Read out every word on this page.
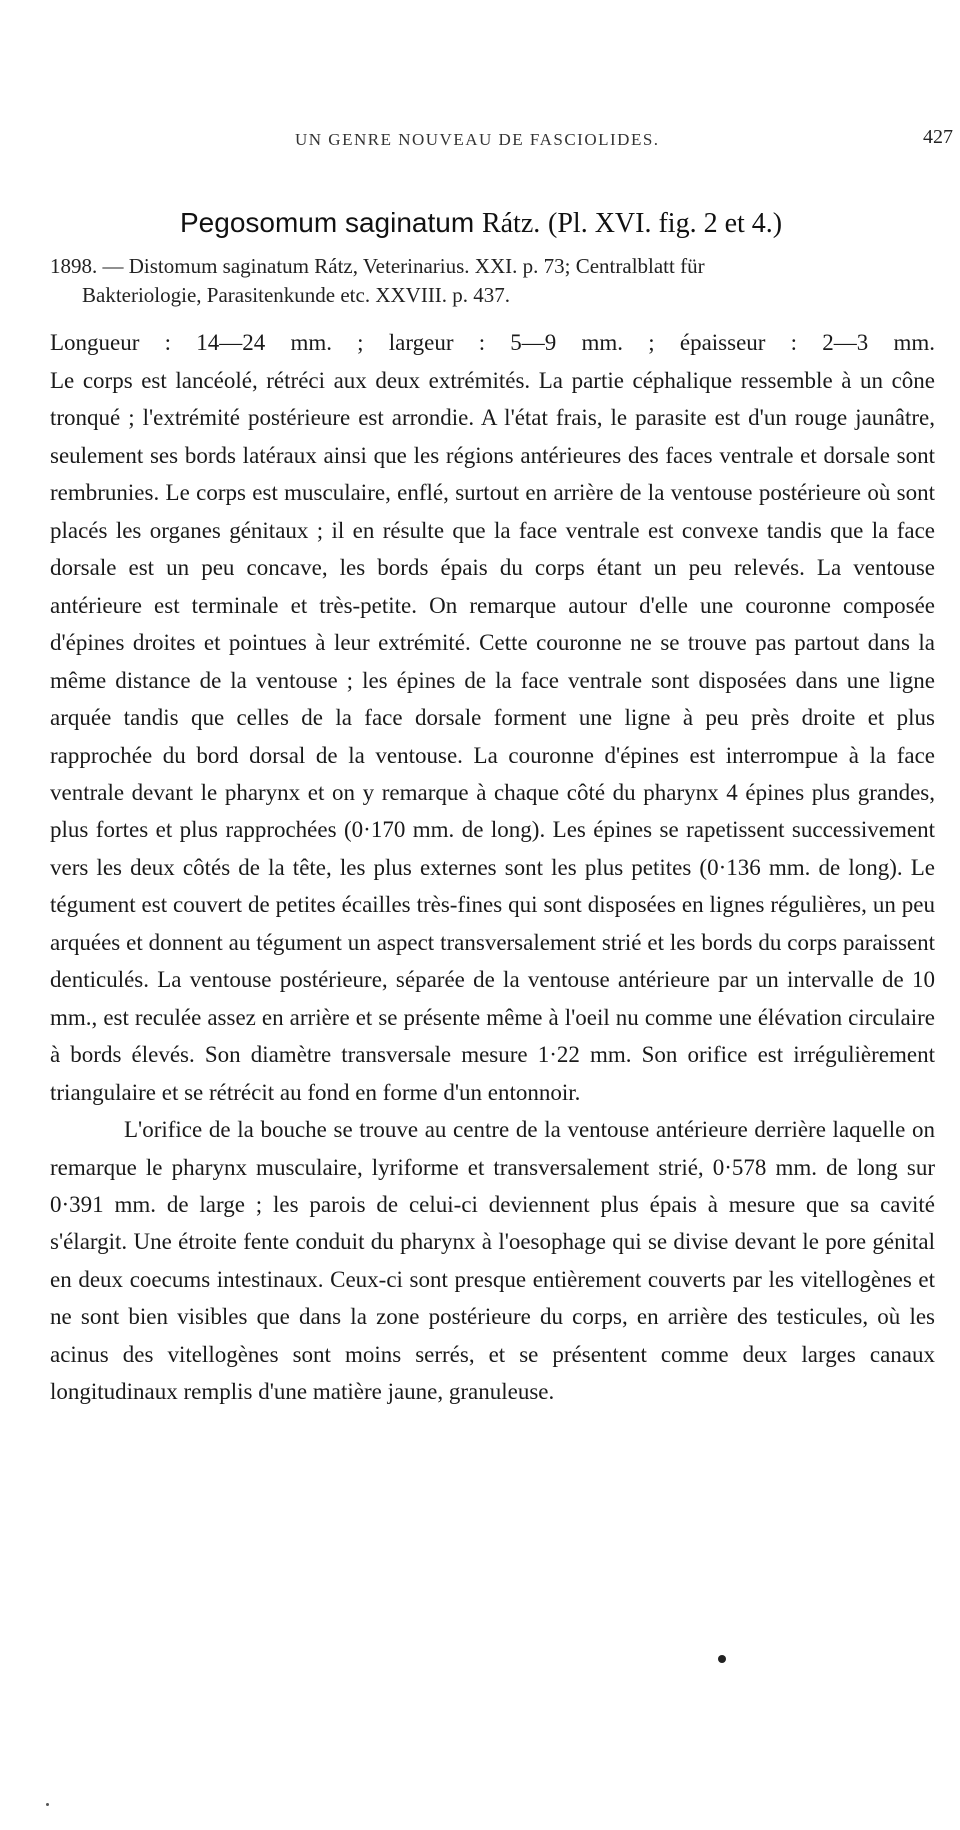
UN GENRE NOUVEAU DE FASCIOLIDES.	427
Pegosomum saginatum Rátz. (Pl. XVI. fig. 2 et 4.)
1898. — Distomum saginatum Rátz, Veterinarius. XXI. p. 73; Centralblatt für
Bakteriologie, Parasitenkunde etc. XXVIII. p. 437.
Longueur : 14—24 mm. ; largeur : 5—9 mm. ; épaisseur : 2—3 mm.

Le corps est lancéolé, rétréci aux deux extrémités. La partie céphalique ressemble à un cône tronqué ; l'extrémité postérieure est arrondie. A l'état frais, le parasite est d'un rouge jaunâtre, seulement ses bords latéraux ainsi que les régions antérieures des faces ventrale et dorsale sont rembrunies. Le corps est musculaire, enflé, surtout en arrière de la ventouse postérieure où sont placés les organes génitaux ; il en résulte que la face ventrale est convexe tandis que la face dorsale est un peu concave, les bords épais du corps étant un peu relevés. La ventouse antérieure est terminale et très-petite. On remarque autour d'elle une couronne composée d'épines droites et pointues à leur extrémité. Cette couronne ne se trouve pas partout dans la même distance de la ventouse ; les épines de la face ventrale sont disposées dans une ligne arquée tandis que celles de la face dorsale forment une ligne à peu près droite et plus rapprochée du bord dorsal de la ventouse. La couronne d'épines est interrompue à la face ventrale devant le pharynx et on y remarque à chaque côté du pharynx 4 épines plus grandes, plus fortes et plus rapprochées (0·170 mm. de long). Les épines se rapetissent successivement vers les deux côtés de la tête, les plus externes sont les plus petites (0·136 mm. de long). Le tégument est couvert de petites écailles très-fines qui sont disposées en lignes régulières, un peu arquées et donnent au tégument un aspect transversalement strié et les bords du corps paraissent denticulés. La ventouse postérieure, séparée de la ventouse antérieure par un intervalle de 10 mm., est reculée assez en arrière et se présente même à l'oeil nu comme une élévation circulaire à bords élevés. Son diamètre transversale mesure 1·22 mm. Son orifice est irrégulièrement triangulaire et se rétrécit au fond en forme d'un entonnoir.

L'orifice de la bouche se trouve au centre de la ventouse antérieure derrière laquelle on remarque le pharynx musculaire, lyriforme et transversalement strié, 0·578 mm. de long sur 0·391 mm. de large ; les parois de celui-ci deviennent plus épais à mesure que sa cavité s'élargit. Une étroite fente conduit du pharynx à l'oesophage qui se divise devant le pore génital en deux coecums intestinaux. Ceux-ci sont presque entièrement couverts par les vitellogènes et ne sont bien visibles que dans la zone postérieure du corps, en arrière des testicules, où les acinus des vitellogènes sont moins serrés, et se présentent comme deux larges canaux longitudinaux remplis d'une matière jaune, granuleuse.
